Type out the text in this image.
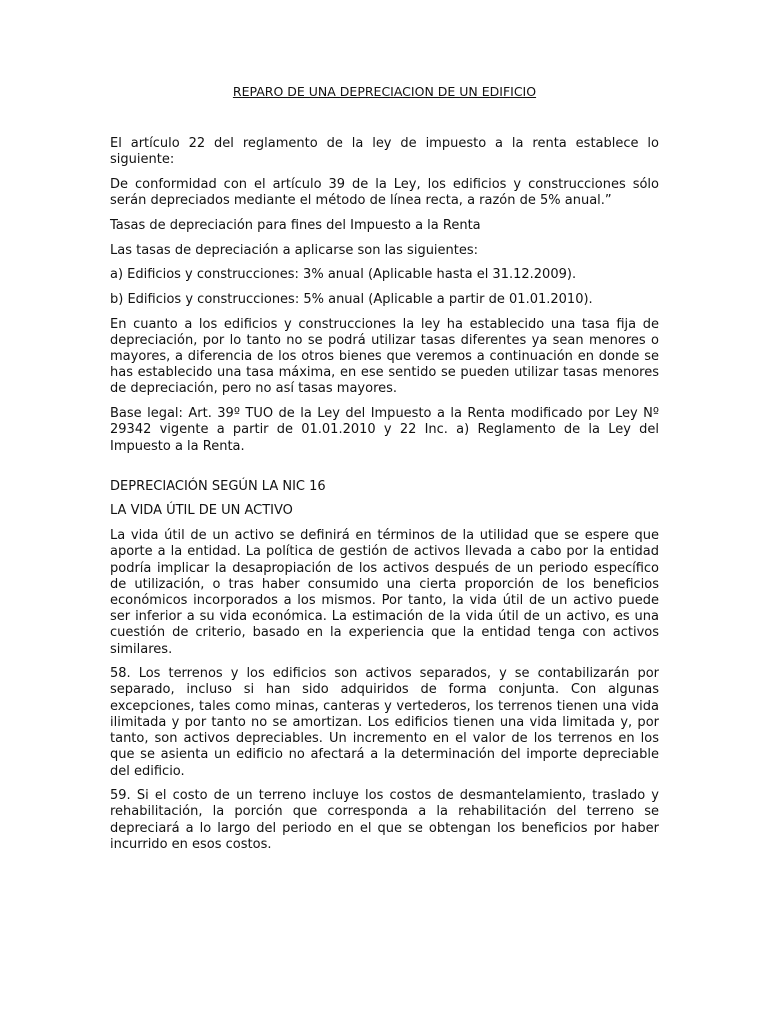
REPARO DE UNA DEPRECIACION DE UN EDIFICIO

El artículo 22 del reglamento de la ley de impuesto a la renta establece lo siguiente:

De conformidad con el artículo 39 de la Ley, los edificios y construcciones sólo serán depreciados mediante el método de línea recta, a razón de 5% anual.”

Tasas de depreciación para fines del Impuesto a la Renta

Las tasas de depreciación a aplicarse son las siguientes:

a) Edificios y construcciones: 3% anual (Aplicable hasta el 31.12.2009).

b) Edificios y construcciones: 5% anual (Aplicable a partir de 01.01.2010).

En cuanto a los edificios y construcciones la ley ha establecido una tasa fija de depreciación, por lo tanto no se podrá utilizar tasas diferentes ya sean menores o mayores, a diferencia de los otros bienes que veremos a continuación en donde se has establecido una tasa máxima, en ese sentido se pueden utilizar tasas menores de depreciación, pero no así tasas mayores.

Base legal: Art. 39º TUO de la Ley del Impuesto a la Renta modificado por Ley Nº 29342 vigente a partir de 01.01.2010 y 22 Inc. a) Reglamento de la Ley del Impuesto a la Renta.

DEPRECIACIÓN SEGÚN LA NIC 16

LA VIDA ÚTIL DE UN ACTIVO

La vida útil de un activo se definirá en términos de la utilidad que se espere que aporte a la entidad. La política de gestión de activos llevada a cabo por la entidad podría implicar la desapropiación de los activos después de un periodo específico de utilización, o tras haber consumido una cierta proporción de los beneficios económicos incorporados a los mismos. Por tanto, la vida útil de un activo puede ser inferior a su vida económica. La estimación de la vida útil de un activo, es una cuestión de criterio, basado en la experiencia que la entidad tenga con activos similares.

58. Los terrenos y los edificios son activos separados, y se contabilizarán por separado, incluso si han sido adquiridos de forma conjunta. Con algunas excepciones, tales como minas, canteras y vertederos, los terrenos tienen una vida ilimitada y por tanto no se amortizan. Los edificios tienen una vida limitada y, por tanto, son activos depreciables. Un incremento en el valor de los terrenos en los que se asienta un edificio no afectará a la determinación del importe depreciable del edificio.

59. Si el costo de un terreno incluye los costos de desmantelamiento, traslado y rehabilitación, la porción que corresponda a la rehabilitación del terreno se depreciará a lo largo del periodo en el que se obtengan los beneficios por haber incurrido en esos costos.
